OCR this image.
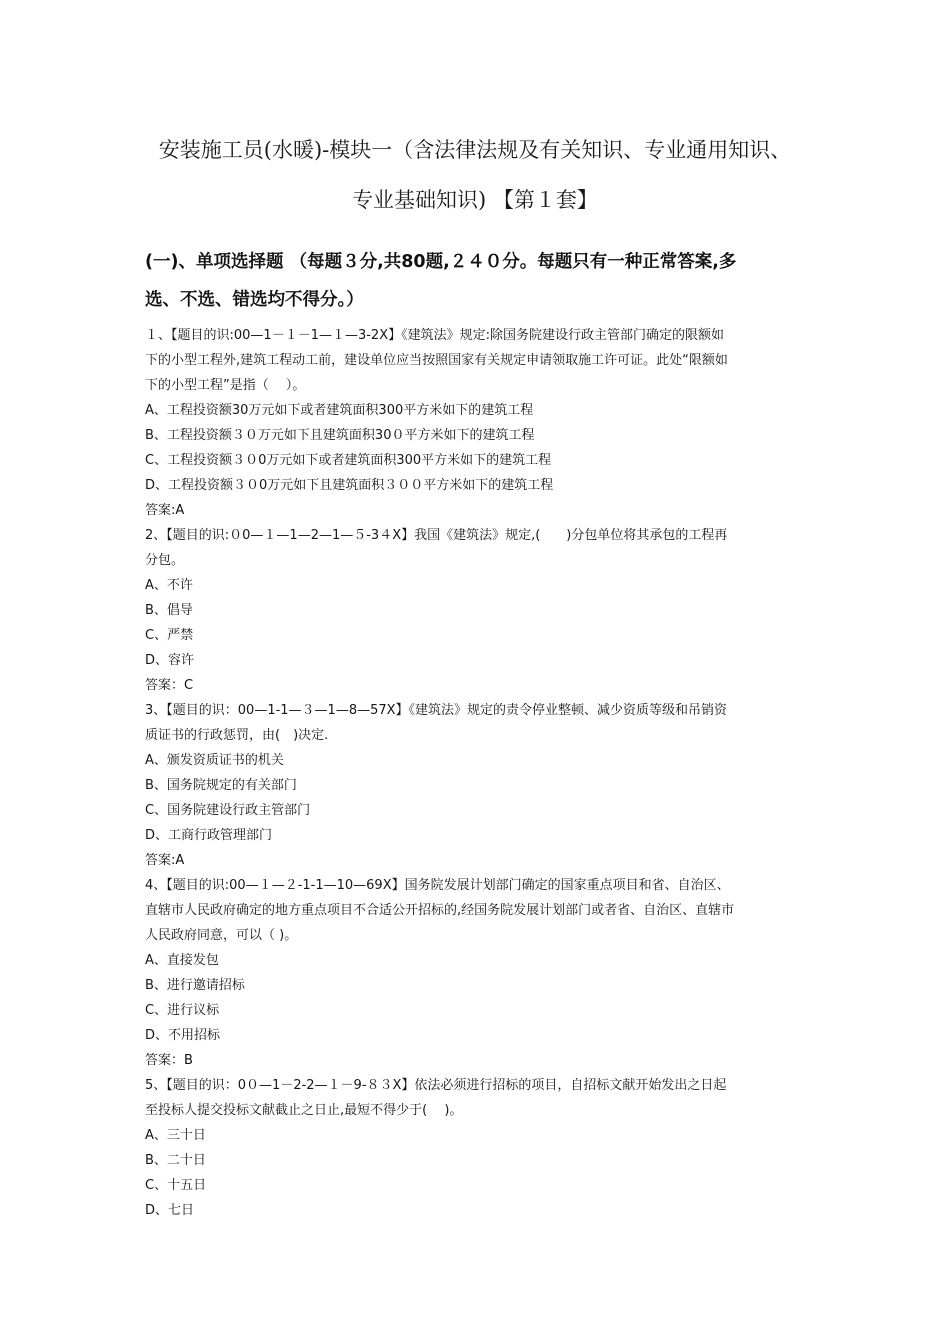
安装施工员(水暖)-模块一（含法律法规及有关知识、专业通用知识、
专业基础知识) 【第１套】
(一)、单项选择题 （每题３分,共80题,２４０分。每题只有一种正常答案,多
选、不选、错选均不得分。）
１、【题目的识:00—1－１－1—１—3-2X】《建筑法》规定:除国务院建设行政主管部门确定的限额如
下的小型工程外,建筑工程动工前，建设单位应当按照国家有关规定申请领取施工许可证。此处“限额如
下的小型工程”是指（　 ）。
A、工程投资额30万元如下或者建筑面积300平方米如下的建筑工程
B、工程投资额３０万元如下且建筑面积30０平方米如下的建筑工程
C、工程投资额３０0万元如下或者建筑面积300平方米如下的建筑工程
D、工程投资额３０0万元如下且建筑面积３００平方米如下的建筑工程
答案:A
2、【题目的识:０0—１—1—2—1—５-3４X】我国《建筑法》规定,(　　)分包单位将其承包的工程再
分包。
A、不许
B、倡导
C、严禁
D、容许
答案：C
3、【题目的识：00—1-1—３—1—8—57X】《建筑法》规定的责令停业整顿、减少资质等级和吊销资
质证书的行政惩罚，由(　)决定.
A、颁发资质证书的机关
B、国务院规定的有关部门
C、国务院建设行政主管部门
D、工商行政管理部门
答案:A
4、【题目的识:00—１—２-1-1—10—69X】国务院发展计划部门确定的国家重点项目和省、自治区、
直辖市人民政府确定的地方重点项目不合适公开招标的,经国务院发展计划部门或者省、自治区、直辖市
人民政府同意，可以（ )。
A、直接发包
B、进行邀请招标
C、进行议标
D、不用招标
答案：B
5、【题目的识：0０—1－2-2—１－9-８３X】依法必须进行招标的项目，自招标文献开始发出之日起
至投标人提交投标文献截止之日止,最短不得少于(　 )。
A、三十日
B、二十日
C、十五日
D、七日
